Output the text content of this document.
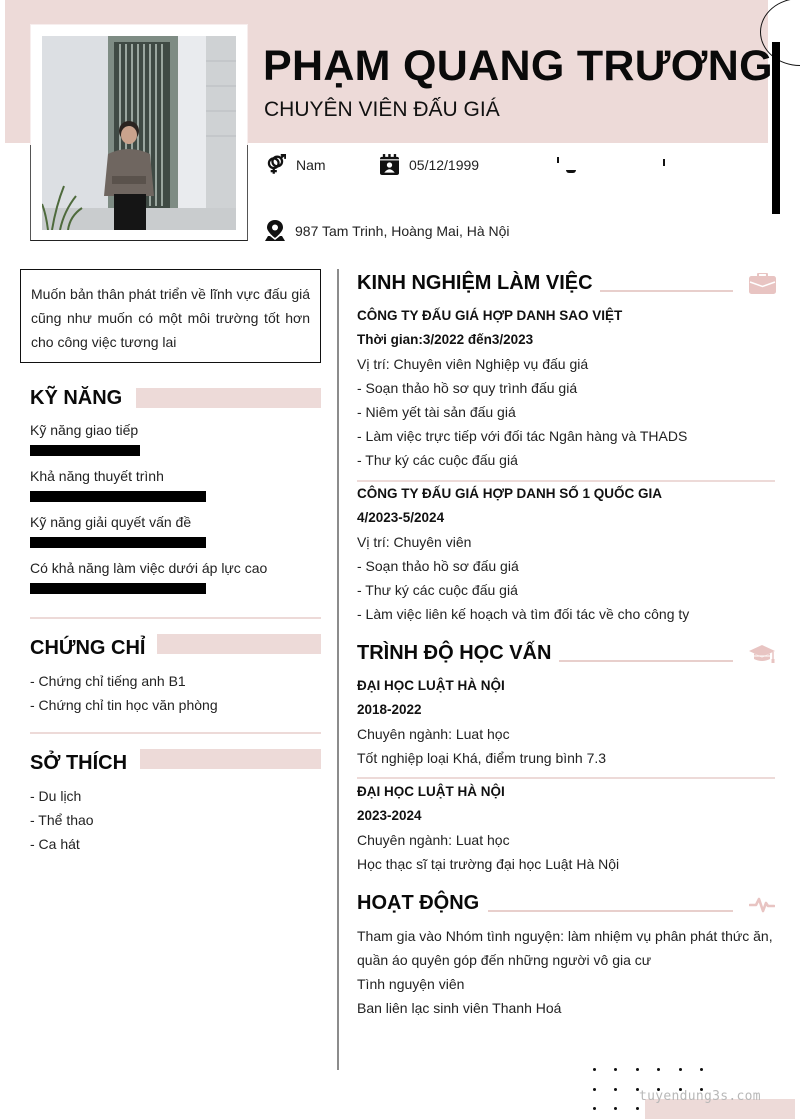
PHẠM QUANG TRƯƠNG
CHUYÊN VIÊN ĐẤU GIÁ
Nam	05/12/1999
987 Tam Trinh, Hoàng Mai, Hà Nội
Muốn bản thân phát triển về lĩnh vực đấu giá cũng như muốn có một môi trường tốt hơn cho công việc tương lai
KỸ NĂNG
Kỹ năng giao tiếp
Khả năng thuyết trình
Kỹ năng giải quyết vấn đề
Có khả năng làm việc dưới áp lực cao
CHỨNG CHỈ
- Chứng chỉ tiếng anh B1
- Chứng chỉ tin học văn phòng
SỞ THÍCH
- Du lịch
- Thể thao
- Ca hát
KINH NGHIỆM LÀM VIỆC
CÔNG TY ĐẤU GIÁ HỢP DANH SAO VIỆT
Thời gian:3/2022 đến3/2023
Vị trí: Chuyên viên Nghiệp vụ đấu giá
- Soạn thảo hồ sơ quy trình đấu giá
- Niêm yết tài sản đấu giá
- Làm việc trực tiếp với đối tác Ngân hàng và THADS
- Thư ký các cuộc đấu giá
CÔNG TY ĐẤU GIÁ HỢP DANH SỐ 1 QUỐC GIA
4/2023-5/2024
Vị trí: Chuyên viên
- Soạn thảo hồ sơ đấu giá
- Thư ký các cuộc đấu giá
- Làm việc liên kế hoạch và tìm đối tác về cho công ty
TRÌNH ĐỘ HỌC VẤN
ĐẠI HỌC LUẬT HÀ NỘI
2018-2022
Chuyên ngành: Luat học
Tốt nghiệp loại Khá, điểm trung bình 7.3
ĐẠI HỌC LUẬT HÀ NỘI
2023-2024
Chuyên ngành: Luat học
Học thạc sĩ tại trường đại học Luật Hà Nội
HOẠT ĐỘNG
Tham gia vào Nhóm tình nguyện: làm nhiệm vụ phân phát thức ăn,
quần áo quyên góp đến những người vô gia cư
Tình nguyện viên
Ban liên lạc sinh viên Thanh Hoá
tuyendung3s.com
